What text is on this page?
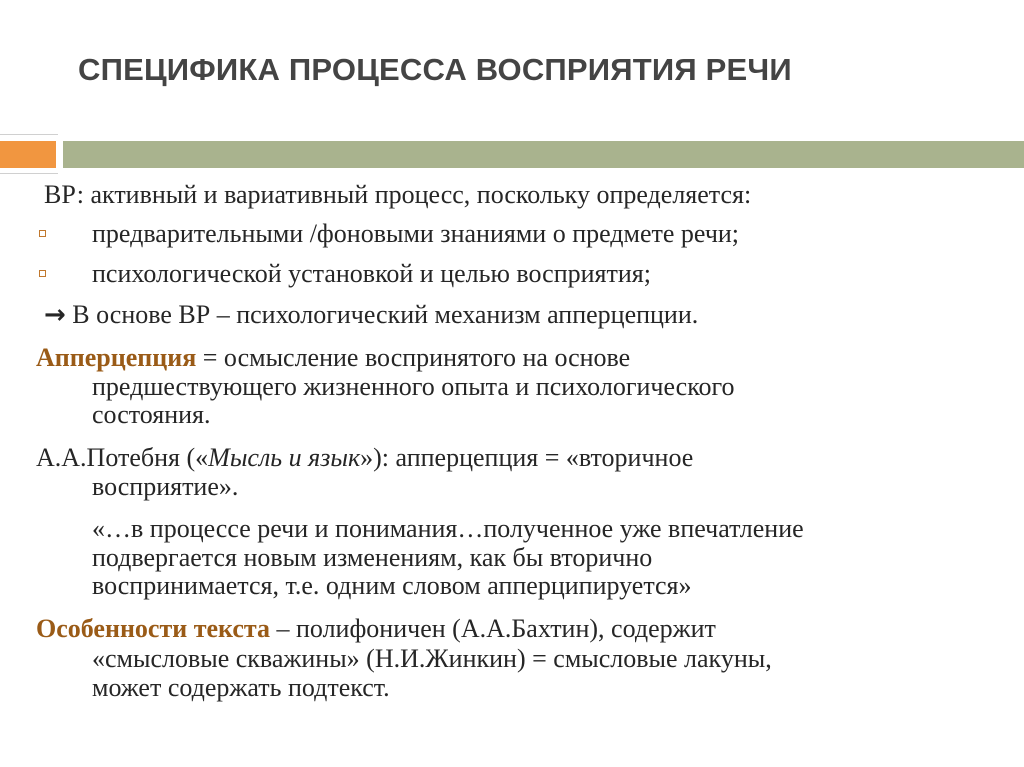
СПЕЦИФИКА ПРОЦЕССА ВОСПРИЯТИЯ РЕЧИ
ВР: активный и вариативный процесс, поскольку определяется:
предварительными /фоновыми знаниями о предмете речи;
психологической установкой и целью восприятия;
→ В основе ВР – психологический механизм апперцепции.
Апперцепция = осмысление воспринятого на основе
предшествующего жизненного опыта и психологического
состояния.
А.А.Потебня («Мысль и язык»): апперцепция = «вторичное
восприятие».
«…в процессе речи и понимания…полученное уже впечатление
подвергается новым изменениям, как бы вторично
воспринимается, т.е. одним словом апперципируется»
Особенности текста – полифоничен (А.А.Бахтин), содержит
«смысловые скважины» (Н.И.Жинкин) = смысловые лакуны,
может содержать подтекст.
